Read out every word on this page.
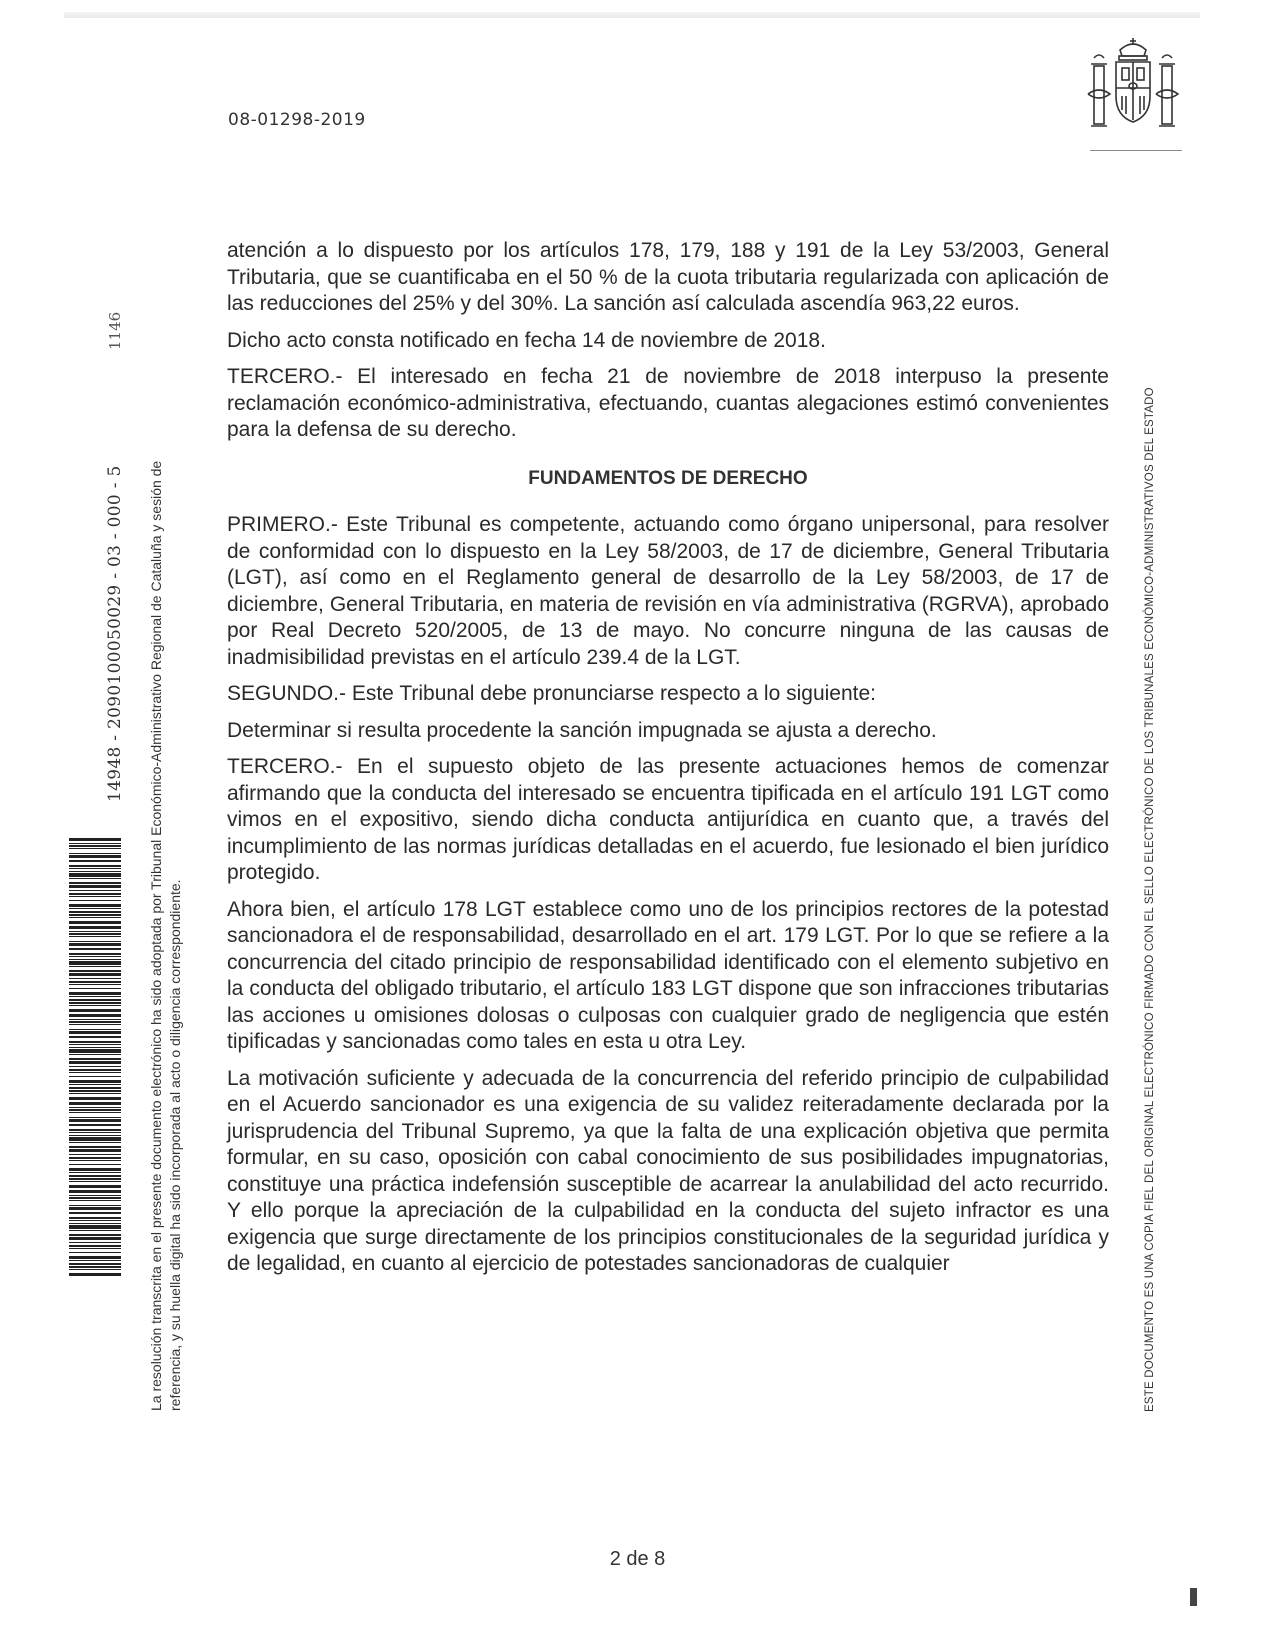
08-01298-2019
1146
14948 - 2090100050029 - 03 - 000 - 5 La resolución transcrita en el presente documento electrónico ha sido adoptada por Tribunal Económico-Administrativo Regional de Cataluña y sesión de referencia, y su huella digital ha sido incorporada al acto o diligencia correspondiente.

atención a lo dispuesto por los artículos 178, 179, 188 y 191 de la Ley 53/2003, General Tributaria, que se cuantificaba en el 50 % de la cuota tributaria regularizada con aplicación de las reducciones del 25% y del 30%. La sanción así calculada ascendía 963,22 euros.

Dicho acto consta notificado en fecha 14 de noviembre de 2018.

TERCERO.- El interesado en fecha 21 de noviembre de 2018 interpuso la presente reclamación económico-administrativa, efectuando, cuantas alegaciones estimó convenientes para la defensa de su derecho.

FUNDAMENTOS DE DERECHO

PRIMERO.- Este Tribunal es competente, actuando como órgano unipersonal, para resolver de conformidad con lo dispuesto en la Ley 58/2003, de 17 de diciembre, General Tributaria (LGT), así como en el Reglamento general de desarrollo de la Ley 58/2003, de 17 de diciembre, General Tributaria, en materia de revisión en vía administrativa (RGRVA), aprobado por Real Decreto 520/2005, de 13 de mayo. No concurre ninguna de las causas de inadmisibilidad previstas en el artículo 239.4 de la LGT.

SEGUNDO.- Este Tribunal debe pronunciarse respecto a lo siguiente:

Determinar si resulta procedente la sanción impugnada se ajusta a derecho.

TERCERO.- En el supuesto objeto de las presente actuaciones hemos de comenzar afirmando que la conducta del interesado se encuentra tipificada en el artículo 191 LGT como vimos en el expositivo, siendo dicha conducta antijurídica en cuanto que, a través del incumplimiento de las normas jurídicas detalladas en el acuerdo, fue lesionado el bien jurídico protegido.

Ahora bien, el artículo 178 LGT establece como uno de los principios rectores de la potestad sancionadora el de responsabilidad, desarrollado en el art. 179 LGT. Por lo que se refiere a la concurrencia del citado principio de responsabilidad identificado con el elemento subjetivo en la conducta del obligado tributario, el artículo 183 LGT dispone que son infracciones tributarias las acciones u omisiones dolosas o culposas con cualquier grado de negligencia que estén tipificadas y sancionadas como tales en esta u otra Ley.

La motivación suficiente y adecuada de la concurrencia del referido principio de culpabilidad en el Acuerdo sancionador es una exigencia de su validez reiteradamente declarada por la jurisprudencia del Tribunal Supremo, ya que la falta de una explicación objetiva que permita formular, en su caso, oposición con cabal conocimiento de sus posibilidades impugnatorias, constituye una práctica indefensión susceptible de acarrear la anulabilidad del acto recurrido. Y ello porque la apreciación de la culpabilidad en la conducta del sujeto infractor es una exigencia que surge directamente de los principios constitucionales de la seguridad jurídica y de legalidad, en cuanto al ejercicio de potestades sancionadoras de cualquier	ESTE DOCUMENTO ES UNA COPIA FIEL DEL ORIGINAL ELECTRÓNICO FIRMADO CON EL SELLO ELECTRÓNICO DE LOS TRIBUNALES ECONÓMICO-ADMINISTRATIVOS DEL ESTADO
2 de 8
